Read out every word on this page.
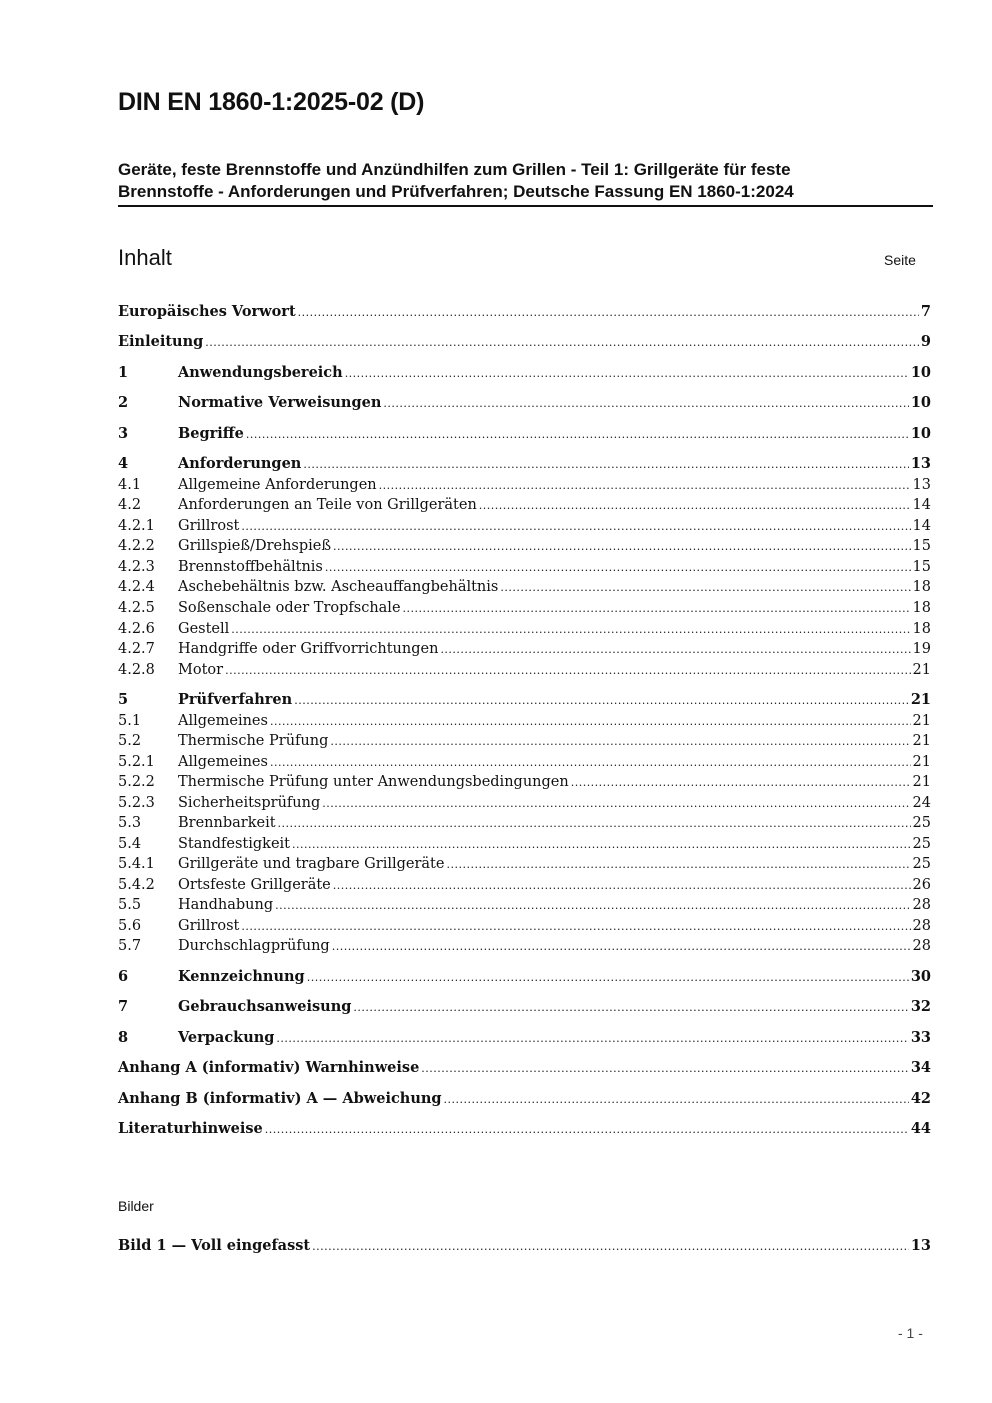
DIN EN 1860-1:2025-02 (D)
Geräte, feste Brennstoffe und Anzündhilfen zum Grillen - Teil 1: Grillgeräte für feste
Brennstoffe - Anforderungen und Prüfverfahren; Deutsche Fassung EN 1860-1:2024
Inhalt	Seite
Europäisches Vorwort .....	7
Einleitung .....	9
1	Anwendungsbereich .....	10
2	Normative Verweisungen .....	10
3	Begriffe .....	10
4	Anforderungen .....	13
4.1	Allgemeine Anforderungen .....	13
4.2	Anforderungen an Teile von Grillgeräten .....	14
4.2.1	Grillrost .....	14
4.2.2	Grillspieß/Drehspieß .....	15
4.2.3	Brennstoffbehältnis .....	15
4.2.4	Aschebehältnis bzw. Ascheauffangbehältnis .....	18
4.2.5	Soßenschale oder Tropfschale .....	18
4.2.6	Gestell .....	18
4.2.7	Handgriffe oder Griffvorrichtungen .....	19
4.2.8	Motor .....	21
5	Prüfverfahren .....	21
5.1	Allgemeines .....	21
5.2	Thermische Prüfung .....	21
5.2.1	Allgemeines .....	21
5.2.2	Thermische Prüfung unter Anwendungsbedingungen .....	21
5.2.3	Sicherheitsprüfung .....	24
5.3	Brennbarkeit .....	25
5.4	Standfestigkeit .....	25
5.4.1	Grillgeräte und tragbare Grillgeräte .....	25
5.4.2	Ortsfeste Grillgeräte .....	26
5.5	Handhabung .....	28
5.6	Grillrost .....	28
5.7	Durchschlagprüfung .....	28
6	Kennzeichnung .....	30
7	Gebrauchsanweisung .....	32
8	Verpackung .....	33
Anhang A (informativ) Warnhinweise .....	34
Anhang B (informativ) A — Abweichung .....	42
Literaturhinweise .....	44
Bilder
Bild 1 — Voll eingefasst .....	13
- 1 -
